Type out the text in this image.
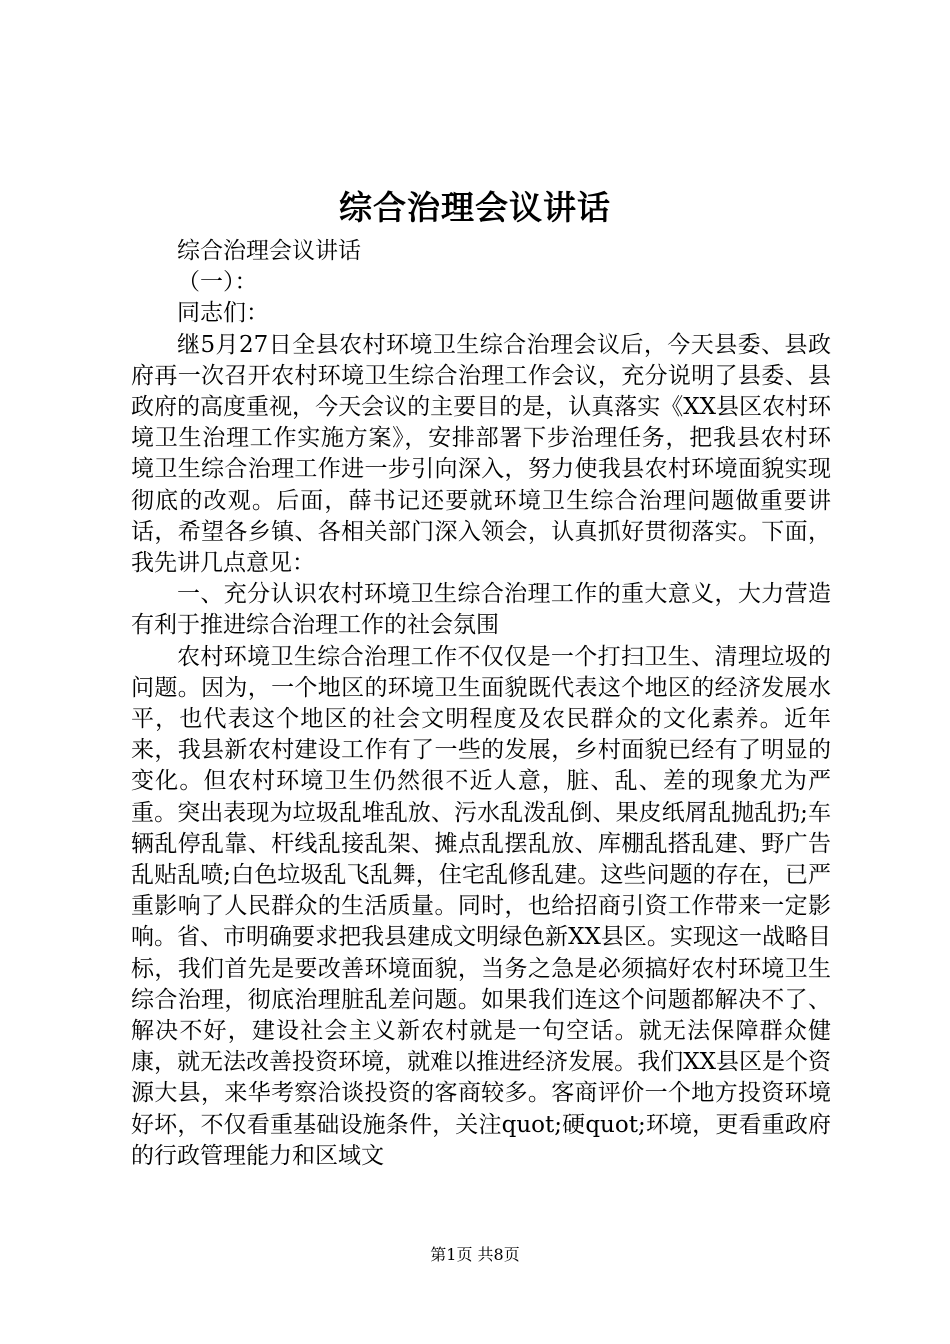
综合治理会议讲话

综合治理会议讲话

（一）：

同志们：

继5月27日全县农村环境卫生综合治理会议后，今天县委、县政府再一次召开农村环境卫生综合治理工作会议，充分说明了县委、县政府的高度重视，今天会议的主要目的是，认真落实《XX县区农村环境卫生治理工作实施方案》，安排部署下步治理任务，把我县农村环境卫生综合治理工作进一步引向深入，努力使我县农村环境面貌实现彻底的改观。后面，薛书记还要就环境卫生综合治理问题做重要讲话，希望各乡镇、各相关部门深入领会，认真抓好贯彻落实。下面，我先讲几点意见：

一、充分认识农村环境卫生综合治理工作的重大意义，大力营造有利于推进综合治理工作的社会氛围

农村环境卫生综合治理工作不仅仅是一个打扫卫生、清理垃圾的问题。因为，一个地区的环境卫生面貌既代表这个地区的经济发展水平，也代表这个地区的社会文明程度及农民群众的文化素养。近年来，我县新农村建设工作有了一些的发展，乡村面貌已经有了明显的变化。但农村环境卫生仍然很不近人意，脏、乱、差的现象尤为严重。突出表现为垃圾乱堆乱放、污水乱泼乱倒、果皮纸屑乱抛乱扔;车辆乱停乱靠、杆线乱接乱架、摊点乱摆乱放、库棚乱搭乱建、野广告乱贴乱喷;白色垃圾乱飞乱舞，住宅乱修乱建。这些问题的存在，已严重影响了人民群众的生活质量。同时，也给招商引资工作带来一定影响。省、市明确要求把我县建成文明绿色新XX县区。实现这一战略目标，我们首先是要改善环境面貌，当务之急是必须搞好农村环境卫生综合治理，彻底治理脏乱差问题。如果我们连这个问题都解决不了、解决不好，建设社会主义新农村就是一句空话。就无法保障群众健康，就无法改善投资环境，就难以推进经济发展。我们XX县区是个资源大县，来华考察洽谈投资的客商较多。客商评价一个地方投资环境好坏，不仅看重基础设施条件，关注quot;硬quot;环境，更看重政府的行政管理能力和区域文

第1页 共8页
